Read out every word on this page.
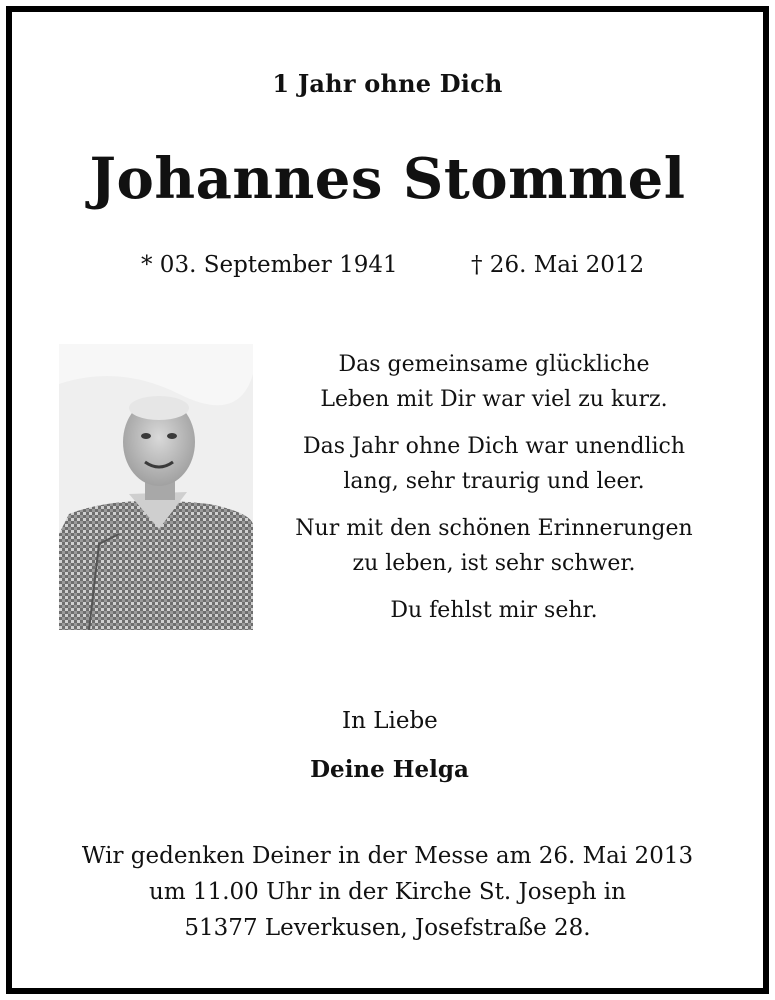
1 Jahr ohne Dich
Johannes Stommel
* 03. September 1941	† 26. Mai 2012
Das gemeinsame glückliche
Leben mit Dir war viel zu kurz.
Das Jahr ohne Dich war unendlich
lang, sehr traurig und leer.
Nur mit den schönen Erinnerungen
zu leben, ist sehr schwer.
Du fehlst mir sehr.
In Liebe
Deine Helga
Wir gedenken Deiner in der Messe am 26. Mai 2013
um 11.00 Uhr in der Kirche St. Joseph in
51377 Leverkusen, Josefstraße 28.
